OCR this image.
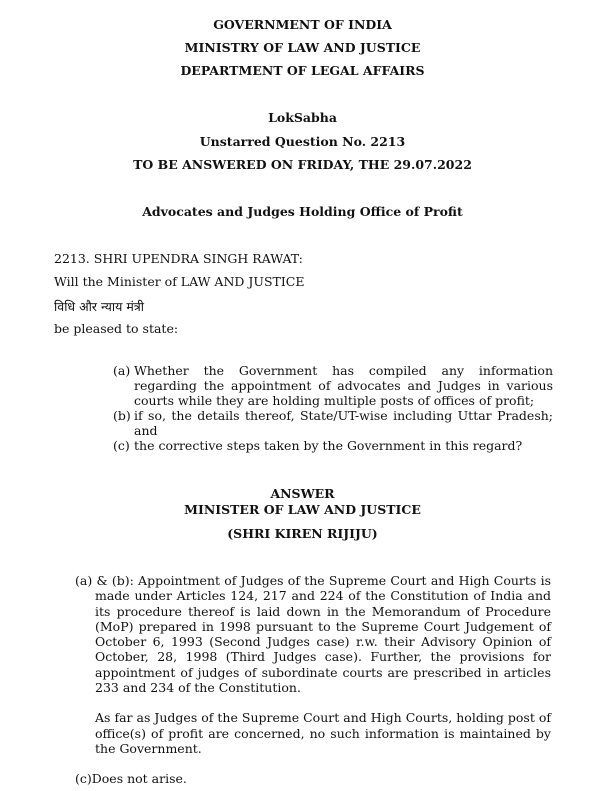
GOVERNMENT OF INDIA
MINISTRY OF LAW AND JUSTICE
DEPARTMENT OF LEGAL AFFAIRS
LokSabha
Unstarred Question No. 2213
TO BE ANSWERED ON FRIDAY, THE 29.07.2022
Advocates and Judges Holding Office of Profit
2213. SHRI UPENDRA SINGH RAWAT:
Will the Minister of LAW AND JUSTICE
विधि और न्याय मंत्री
be pleased to state:
(a) Whether the Government has compiled any information regarding the appointment of advocates and Judges in various courts while they are holding multiple posts of offices of profit;
(b) if so, the details thereof, State/UT-wise including Uttar Pradesh; and
(c) the corrective steps taken by the Government in this regard?
ANSWER
MINISTER OF LAW AND JUSTICE
(SHRI KIREN RIJIJU)

(a) & (b): Appointment of Judges of the Supreme Court and High Courts is made under Articles 124, 217 and 224 of the Constitution of India and its procedure thereof is laid down in the Memorandum of Procedure (MoP) prepared in 1998 pursuant to the Supreme Court Judgement of October 6, 1993 (Second Judges case) r.w. their Advisory Opinion of October, 28, 1998 (Third Judges case). Further, the provisions for appointment of judges of subordinate courts are prescribed in articles 233 and 234 of the Constitution.

As far as Judges of the Supreme Court and High Courts, holding post of office(s) of profit are concerned, no such information is maintained by the Government.

(c)Does not arise.
